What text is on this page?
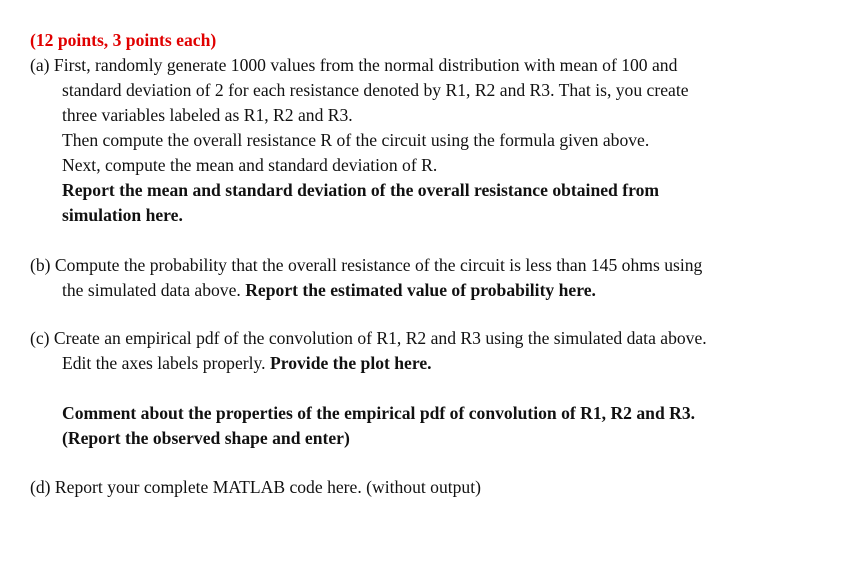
(12 points, 3 points each)
(a) First, randomly generate 1000 values from the normal distribution with mean of 100 and
standard deviation of 2 for each resistance denoted by R1, R2 and R3. That is, you create
three variables labeled as R1, R2 and R3.
Then compute the overall resistance R of the circuit using the formula given above.
Next, compute the mean and standard deviation of R.
Report the mean and standard deviation of the overall resistance obtained from
simulation here.
(b) Compute the probability that the overall resistance of the circuit is less than 145 ohms using
the simulated data above. Report the estimated value of probability here.
(c) Create an empirical pdf of the convolution of R1, R2 and R3 using the simulated data above.
Edit the axes labels properly. Provide the plot here.
Comment about the properties of the empirical pdf of convolution of R1, R2 and R3.
(Report the observed shape and enter)
(d) Report your complete MATLAB code here. (without output)
